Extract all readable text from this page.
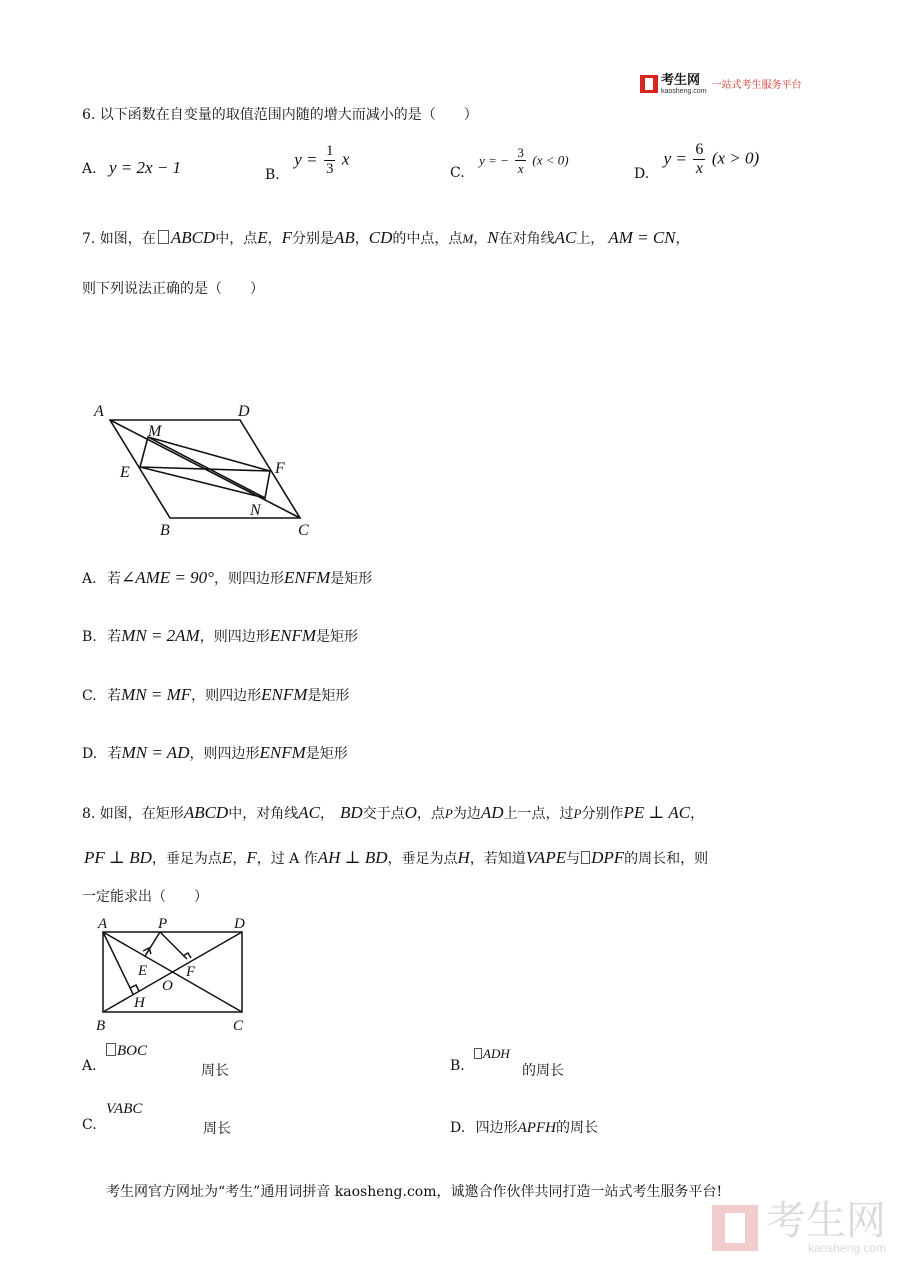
考生网
kaosheng.com
一站式考生服务平台
6. 以下函数在自变量的取值范围内随的增大而减小的是（　　）
A. y = 2x − 1	B. $y = \frac{1}{3}$ x
C. y = − $\frac{3}{x} (x < 0)$
D. $y = \frac{6}{x} (x > 0)$
7. 如图，在 ABCD中，点E，F分别是AB，CD的中点，点M，N在对角线AC上， AM = CN，
则下列说法正确的是（　　）
A	D
M
E	F
N
B	C
A. 若∠AME = 90°，则四边形ENFM是矩形
B. 若MN = 2AM，则四边形ENFM是矩形
C. 若MN = MF，则四边形ENFM是矩形
D. 若MN = AD，则四边形ENFM是矩形
8. 如图，在矩形ABCD中，对角线AC， BD交于点O，点P为边AD上一点，过P分别作PE ⊥ AC，
PF ⊥ BD，垂足为点E，F，过 A 作AH ⊥ BD，垂足为点H，若知道VAPE与 DPF的周长和，则
一定能求出（　　）
A	P	D
E	F
O
H
B	C
A.
BOC
周长	B.
ADH
的周长
C.
VABC
周长	D. 四边形APFH的周长
考生网官方网址为“考生”通用词拼音 kaosheng.com，诚邀合作伙伴共同打造一站式考生服务平台!
考生网
kaosheng.com
